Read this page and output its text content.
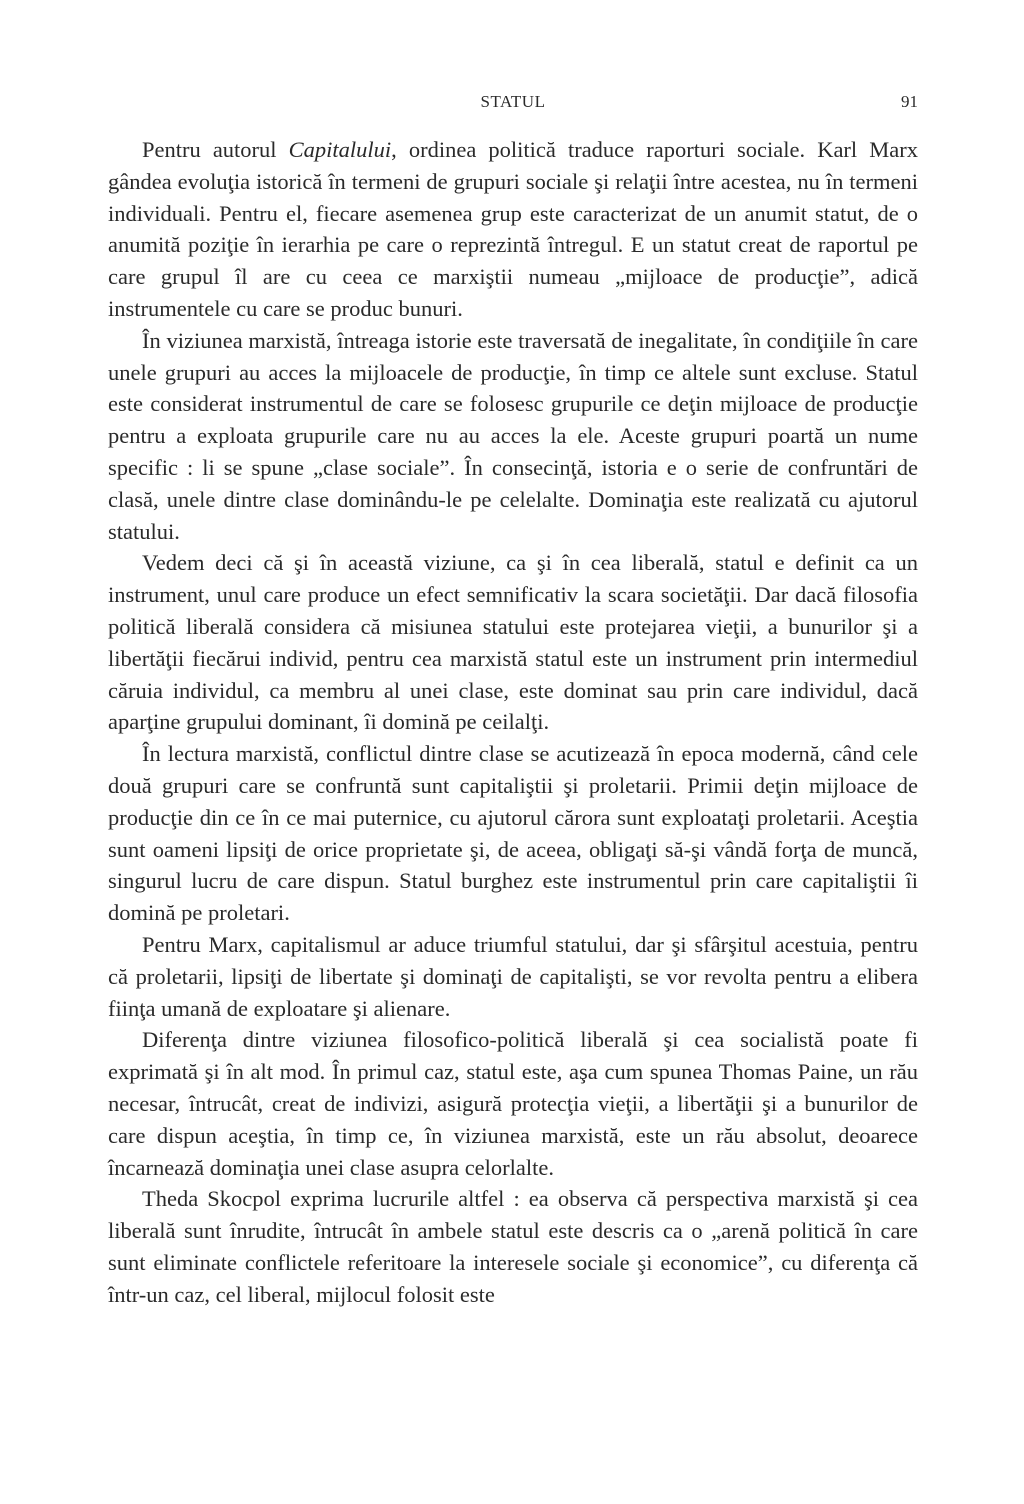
STATUL	91

Pentru autorul Capitalului, ordinea politică traduce raporturi sociale. Karl Marx gândea evoluţia istorică în termeni de grupuri sociale şi relaţii între acestea, nu în termeni individuali. Pentru el, fiecare asemenea grup este caracterizat de un anumit statut, de o anumită poziţie în ierarhia pe care o reprezintă întregul. E un statut creat de raportul pe care grupul îl are cu ceea ce marxiştii numeau „mijloace de producţie”, adică instrumentele cu care se produc bunuri.

În viziunea marxistă, întreaga istorie este traversată de inegalitate, în condiţiile în care unele grupuri au acces la mijloacele de producţie, în timp ce altele sunt excluse. Statul este considerat instrumentul de care se folosesc grupurile ce deţin mijloace de producţie pentru a exploata grupurile care nu au acces la ele. Aceste grupuri poartă un nume specific : li se spune „clase sociale”. În consecinţă, istoria e o serie de confruntări de clasă, unele dintre clase dominându-le pe celelalte. Dominaţia este realizată cu ajutorul statului.

Vedem deci că şi în această viziune, ca şi în cea liberală, statul e definit ca un instrument, unul care produce un efect semnificativ la scara societăţii. Dar dacă filosofia politică liberală considera că misiunea statului este protejarea vieţii, a bunurilor şi a libertăţii fiecărui individ, pentru cea marxistă statul este un instrument prin intermediul căruia individul, ca membru al unei clase, este dominat sau prin care individul, dacă aparţine grupului dominant, îi domină pe ceilalţi.

În lectura marxistă, conflictul dintre clase se acutizează în epoca modernă, când cele două grupuri care se confruntă sunt capitaliştii şi proletarii. Primii deţin mijloace de producţie din ce în ce mai puternice, cu ajutorul cărora sunt exploataţi proletarii. Aceştia sunt oameni lipsiţi de orice proprietate şi, de aceea, obligaţi să-şi vândă forţa de muncă, singurul lucru de care dispun. Statul burghez este instrumentul prin care capitaliştii îi domină pe proletari.

Pentru Marx, capitalismul ar aduce triumful statului, dar şi sfârşitul acestuia, pentru că proletarii, lipsiţi de libertate şi dominaţi de capitalişti, se vor revolta pentru a elibera fiinţa umană de exploatare şi alienare.

Diferenţa dintre viziunea filosofico-politică liberală şi cea socialistă poate fi exprimată şi în alt mod. În primul caz, statul este, aşa cum spunea Thomas Paine, un rău necesar, întrucât, creat de indivizi, asigură protecţia vieţii, a libertăţii şi a bunurilor de care dispun aceştia, în timp ce, în viziunea marxistă, este un rău absolut, deoarece încarnează dominaţia unei clase asupra celorlalte.

Theda Skocpol exprima lucrurile altfel : ea observa că perspectiva marxistă şi cea liberală sunt înrudite, întrucât în ambele statul este descris ca o „arenă politică în care sunt eliminate conflictele referitoare la interesele sociale şi economice”, cu diferenţa că într-un caz, cel liberal, mijlocul folosit este
